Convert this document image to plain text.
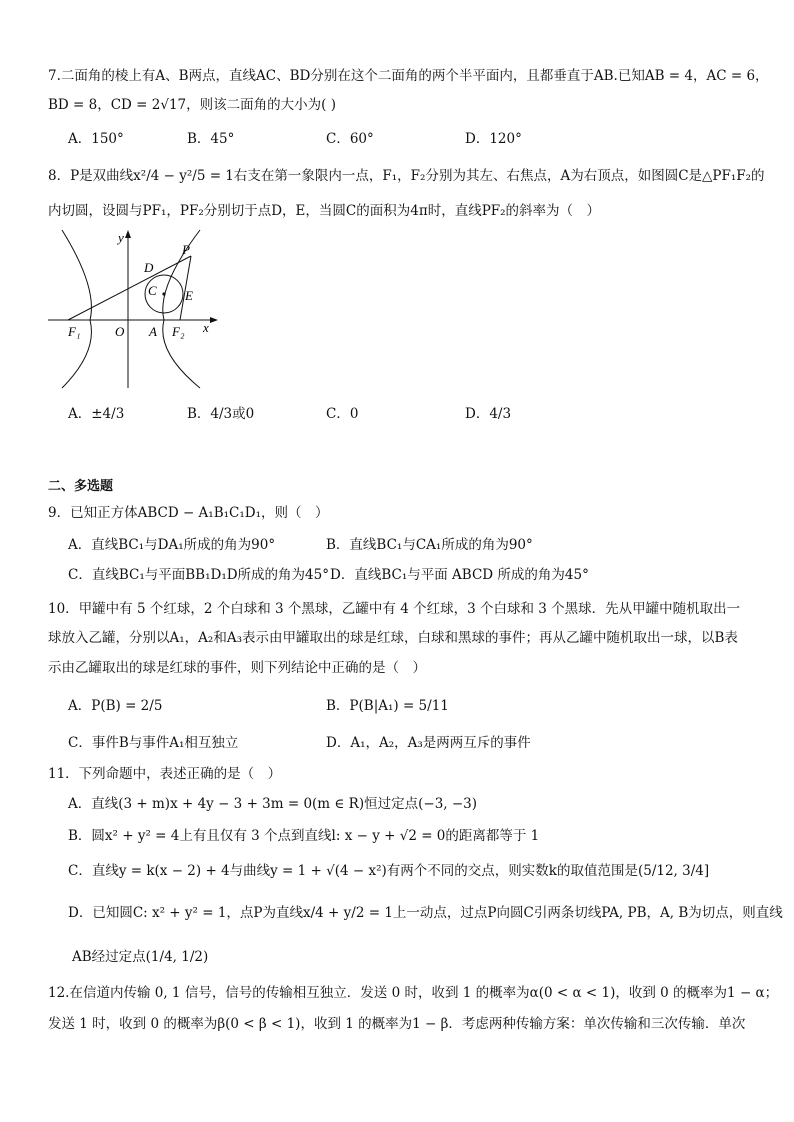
7.二面角的棱上有A、B两点，直线AC、BD分别在这个二面角的两个半平面内，且都垂直于AB.已知AB = 4，AC = 6，
BD = 8，CD = 2√17，则该二面角的大小为( )
A．150°	B．45°	C．60°	D．120°
8．P是双曲线x²/4 − y²/5 = 1右支在第一象限内一点，F₁，F₂分别为其左、右焦点，A为右顶点，如图圆C是△PF₁F₂的
内切圆，设圆与PF₁，PF₂分别切于点D，E，当圆C的面积为4π时，直线PF₂的斜率为（　）
y
P
D
C E
F₁	O A F₂ x
A．±4/3	B．4/3或0	C．0	D．4/3
二、多选题
9．已知正方体ABCD − A₁B₁C₁D₁，则（　）
A．直线BC₁与DA₁所成的角为90°	B．直线BC₁与CA₁所成的角为90°
C．直线BC₁与平面BB₁D₁D所成的角为45° D．直线BC₁与平面 ABCD 所成的角为45°
10．甲罐中有 5 个红球，2 个白球和 3 个黑球，乙罐中有 4 个红球，3 个白球和 3 个黑球．先从甲罐中随机取出一
球放入乙罐，分别以A₁，A₂和A₃表示由甲罐取出的球是红球，白球和黑球的事件；再从乙罐中随机取出一球，以B表
示由乙罐取出的球是红球的事件，则下列结论中正确的是（　）
A．P(B) = 2/5	B．P(B|A₁) = 5/11
C．事件B与事件A₁相互独立	D．A₁，A₂，A₃是两两互斥的事件
11．下列命题中，表述正确的是（　）
A．直线(3 + m)x + 4y − 3 + 3m = 0(m ∈ R)恒过定点(−3, −3)
B．圆x² + y² = 4上有且仅有 3 个点到直线l: x − y + √2 = 0的距离都等于 1
C．直线y = k(x − 2) + 4与曲线y = 1 + √(4 − x²)有两个不同的交点，则实数k的取值范围是(5/12, 3/4]
D．已知圆C: x² + y² = 1，点P为直线x/4 + y/2 = 1上一动点，过点P向圆C引两条切线PA, PB，A, B为切点，则直线
AB经过定点(1/4, 1/2)
12.在信道内传输 0, 1 信号，信号的传输相互独立．发送 0 时，收到 1 的概率为α(0 < α < 1)，收到 0 的概率为1 − α；
发送 1 时，收到 0 的概率为β(0 < β < 1)，收到 1 的概率为1 − β．考虑两种传输方案：单次传输和三次传输．单次
